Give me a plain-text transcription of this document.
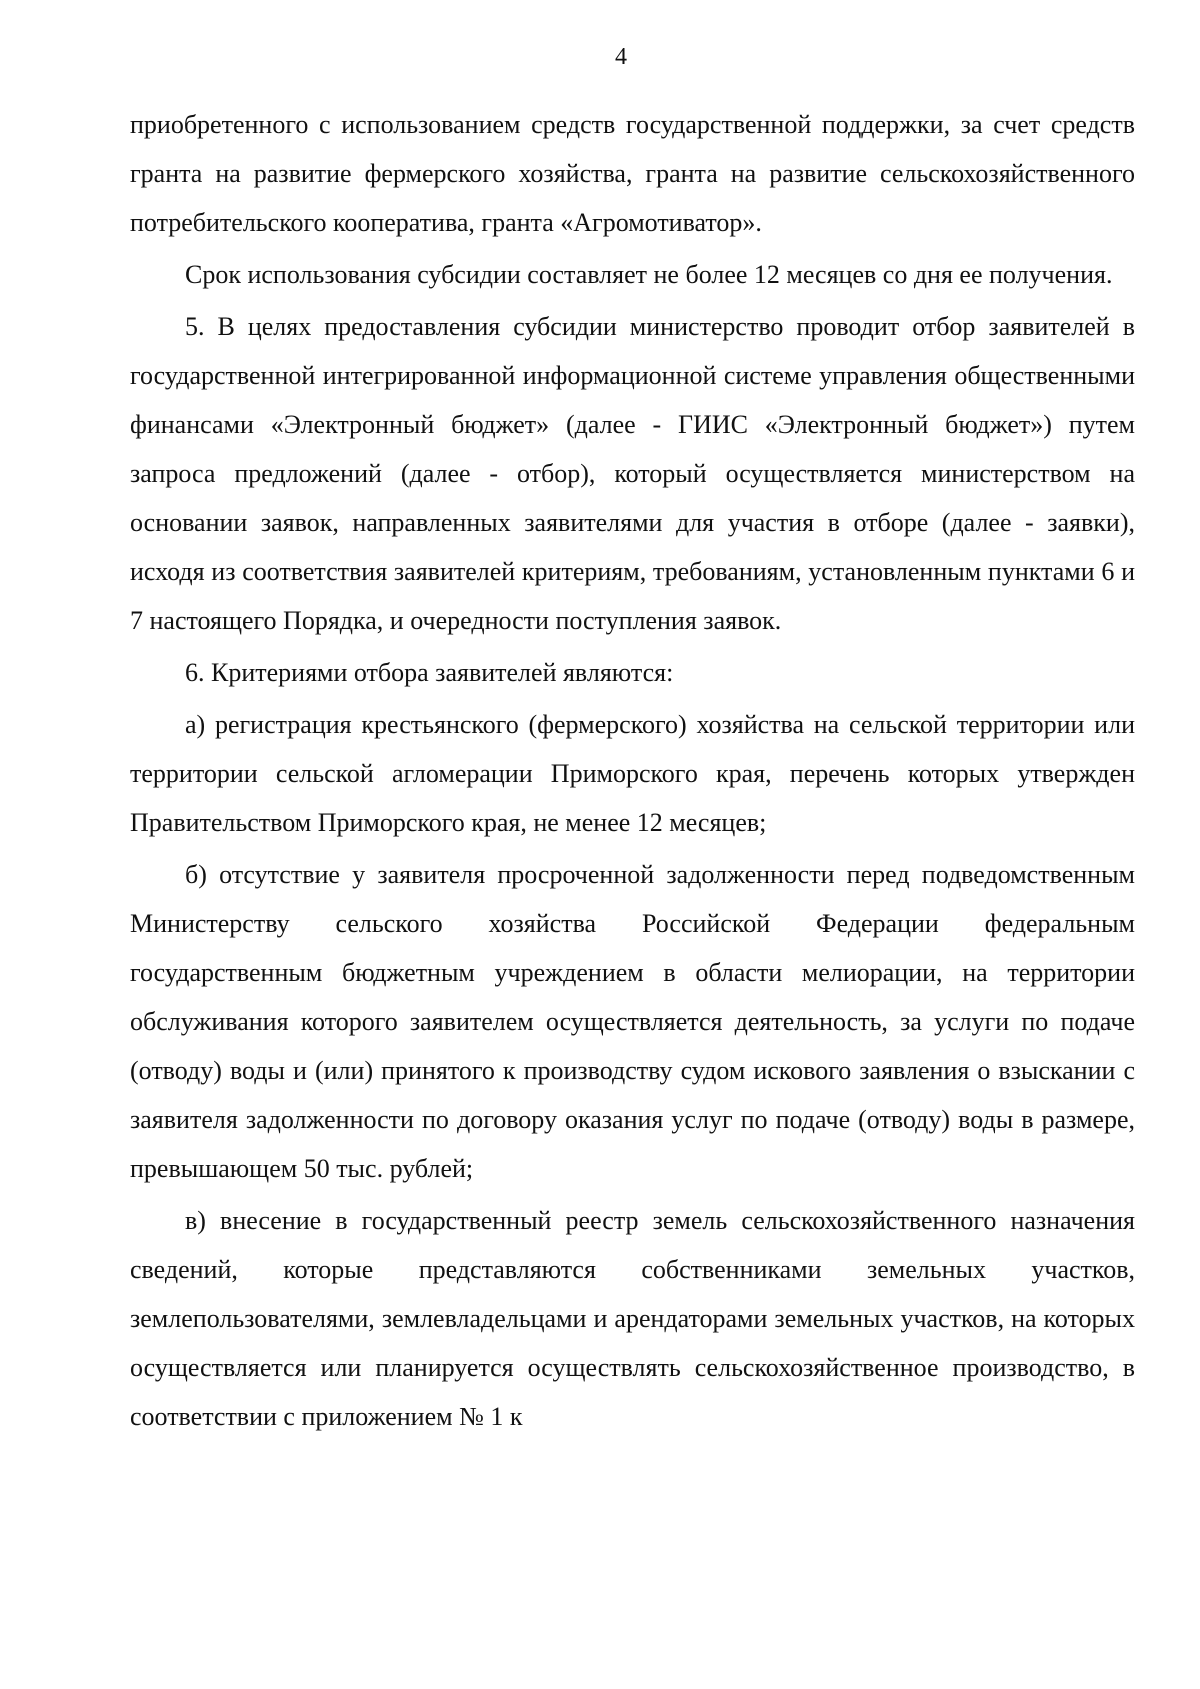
4

приобретенного с использованием средств государственной поддержки, за счет средств гранта на развитие фермерского хозяйства, гранта на развитие сельскохозяйственного потребительского кооператива, гранта «Агромотиватор».

Срок использования субсидии составляет не более 12 месяцев со дня ее получения.

5. В целях предоставления субсидии министерство проводит отбор заявителей в государственной интегрированной информационной системе управления общественными финансами «Электронный бюджет» (далее - ГИИС «Электронный бюджет») путем запроса предложений (далее - отбор), который осуществляется министерством на основании заявок, направленных заявителями для участия в отборе (далее - заявки), исходя из соответствия заявителей критериям, требованиям, установленным пунктами 6 и 7 настоящего Порядка, и очередности поступления заявок.

6. Критериями отбора заявителей являются:

а) регистрация крестьянского (фермерского) хозяйства на сельской территории или территории сельской агломерации Приморского края, перечень которых утвержден Правительством Приморского края, не менее 12 месяцев;

б) отсутствие у заявителя просроченной задолженности перед подведомственным Министерству сельского хозяйства Российской Федерации федеральным государственным бюджетным учреждением в области мелиорации, на территории обслуживания которого заявителем осуществляется деятельность, за услуги по подаче (отводу) воды и (или) принятого к производству судом искового заявления о взыскании с заявителя задолженности по договору оказания услуг по подаче (отводу) воды в размере, превышающем 50 тыс. рублей;

в) внесение в государственный реестр земель сельскохозяйственного назначения сведений, которые представляются собственниками земельных участков, землепользователями, землевладельцами и арендаторами земельных участков, на которых осуществляется или планируется осуществлять сельскохозяйственное производство, в соответствии с приложением № 1 к
